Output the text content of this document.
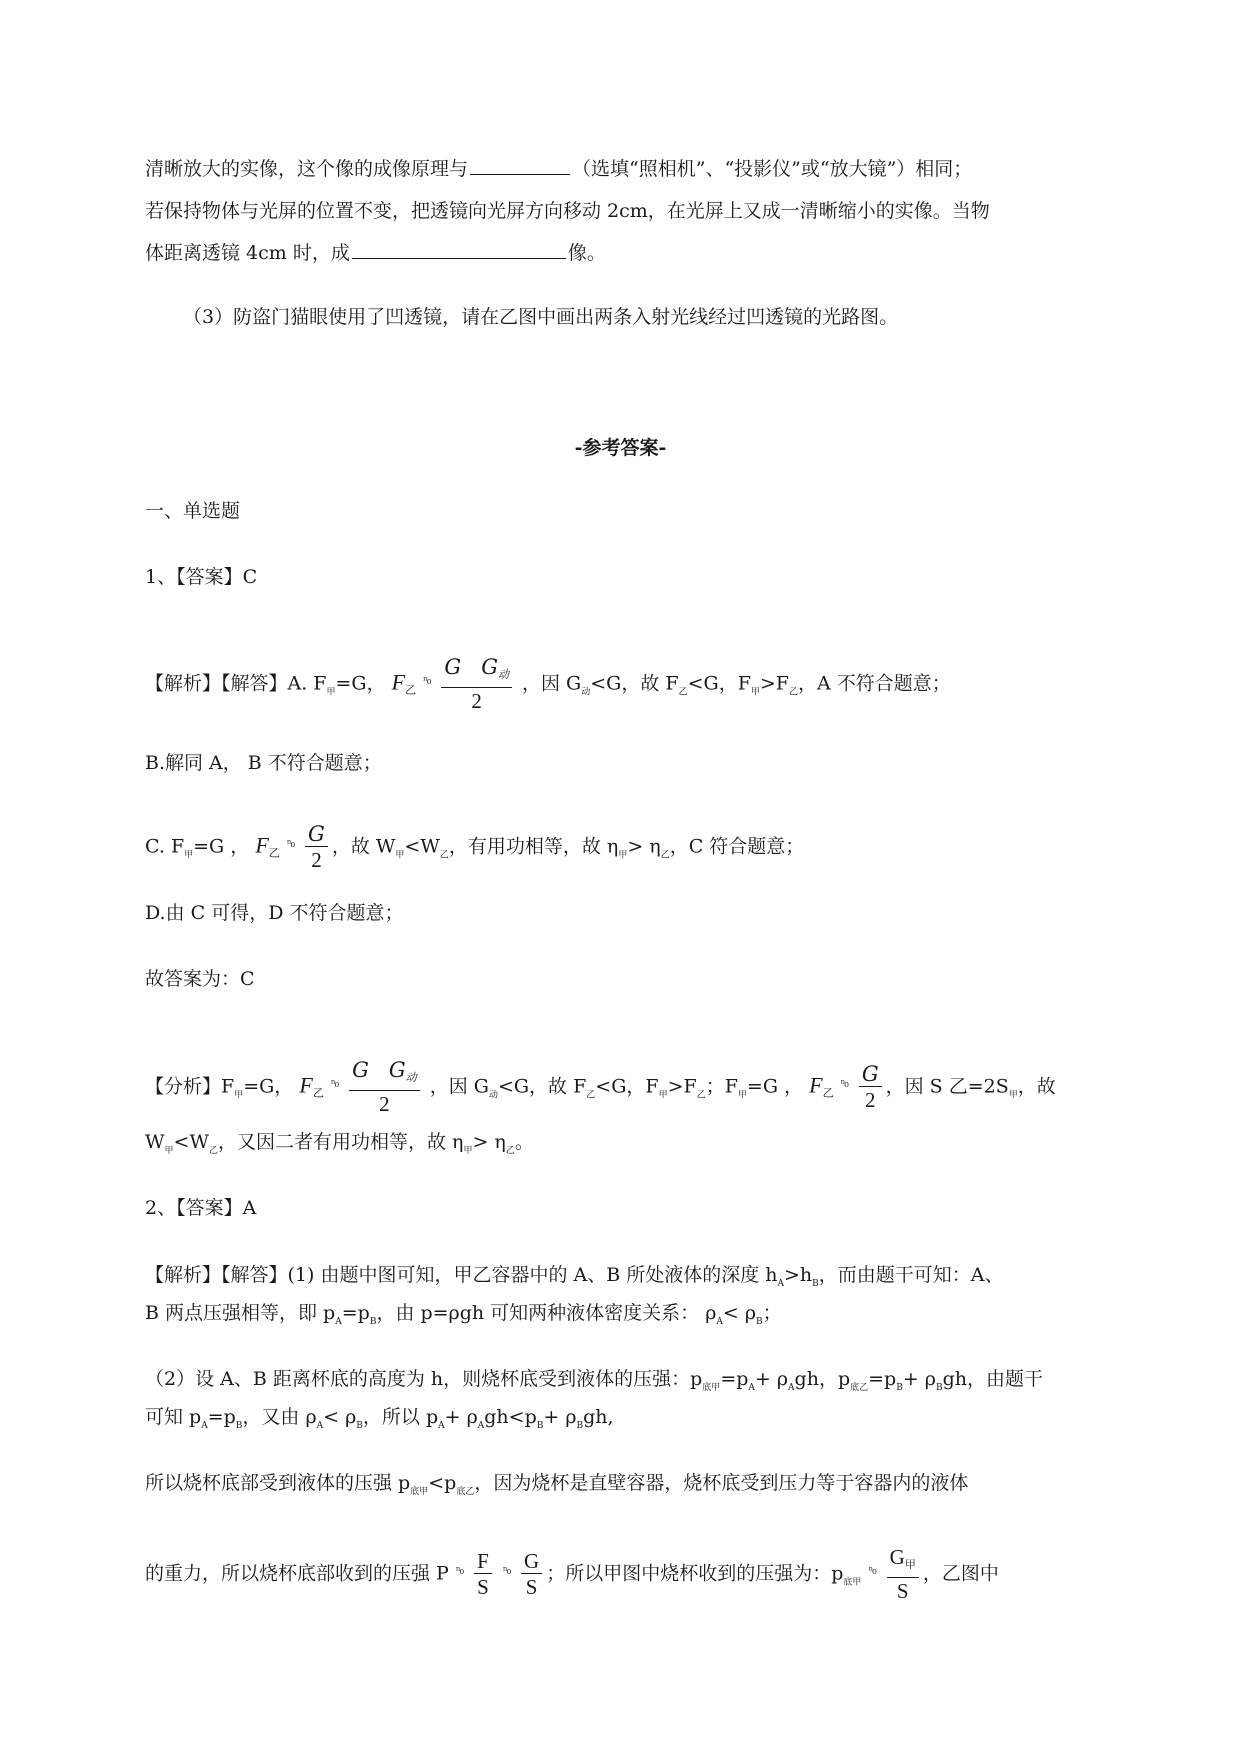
清晰放大的实像，这个像的成像原理与	（选填“照相机”、“投影仪”或“放大镜”）相同；
若保持物体与光屏的位置不变，把透镜向光屏方向移动 2cm，在光屏上又成一清晰缩小的实像。当物
体距离透镜 4cm 时，成	像。
（3）防盗门猫眼使用了凹透镜，请在乙图中画出两条入射光线经过凹透镜的光路图。
-参考答案-
一、单选题
1、【答案】C
【解析】【解答】A. $F_甲=G$， $F_乙$ $^{^n_0} \frac{G G_动}{2}$ ，因 $G_动<G$，故 $F_乙<G$，$F_甲>F_乙$，A 不符合题意；
B.解同 A， B 不符合题意；
C. $F_甲=G$ ， $F_乙$ $^{^n_0} \frac{G}{2}$ ，故 $W_甲<W_乙$，有用功相等，故 $\eta_甲> \eta_乙$，C 符合题意；
D.由 C 可得，D 不符合题意；
故答案为：C
【分析】$F_甲=G$， $F_乙$ $^{^n_0} \frac{G G_动}{2}$ ，因 $G_动<G$，故 $F_乙<G$，$F_甲>F_乙$；$F_甲=G$ ， $F_乙$ $^{^n_0} \frac{G}{2}$ ，因 S 乙$=2S_甲$，故
$W_甲<W_乙$，又因二者有用功相等，故 $\eta_甲> \eta_乙$。
2、【答案】A
【解析】【解答】(1) 由题中图可知，甲乙容器中的 A、B 所处液体的深度 $h_A>h_B$，而由题干可知：A、
B 两点压强相等，即 $p_A=p_B$，由 p=ρgh 可知两种液体密度关系： $\rho_A< \rho_B$；
（2）设 A、B 距离杯底的高度为 h，则烧杯底受到液体的压强：$p_{底甲}=p_A+ \rho_Agh$，$p_{底乙}=p_B+ \rho_Bgh$，由题干
可知 $p_A=p_B$，又由 $\rho_A< \rho_B$，所以 $p_A+ \rho_Agh<p_B+ \rho_Bgh$,
所以烧杯底部受到液体的压强 $p_{底甲}<p_{底乙}$，因为烧杯是直壁容器，烧杯底受到压力等于容器内的液体
的重力，所以烧杯底部收到的压强 P $^{^n_0} \frac{F}{S} ^{^n_0} \frac{G}{S}$ ；所以甲图中烧杯收到的压强为：$p_{底甲}$ $^{^n_0} \frac{G_甲}{S}$ ，乙图中
